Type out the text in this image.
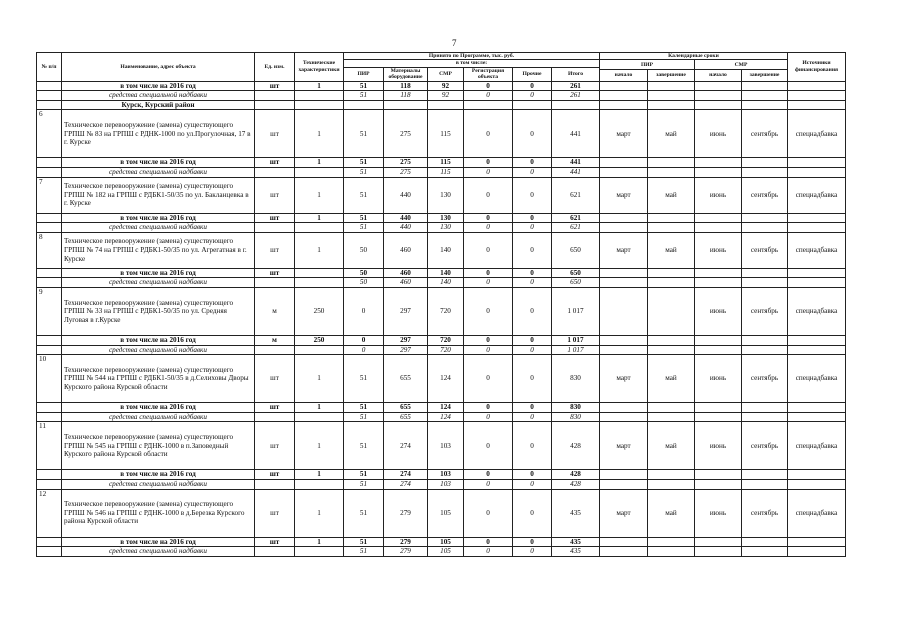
7
№ п/п	Наименование, адрес объекта	Ед. изм.	Технические характеристики	Принято по Программе, тыс. руб.						Календарные сроки				Источники финансирования
				в том числе:						ПИР		СМР		
				ПИР	Материалы оборудование	СМР	Регистрация объекта	Прочие	Итого					
										начало	завершение	начало	завершение	
	в том числе на 2016 год	шт	1	51	118	92	0	0	261					
	средства специальной надбавки			51	118	92	0	0	261					
	Курск, Курский район													
6	Техническое перевооружение (замена) существующего ГРПШ № 83 на ГРПШ с РДНК-1000 по ул.Прогулочная, 17 в г. Курске	шт	1	51	275	115	0	0	441	март	май	июнь	сентябрь	спецнадбавка
	в том числе на 2016 год	шт	1	51	275	115	0	0	441					
	средства специальной надбавки			51	275	115	0	0	441					
7	Техническое перевооружение (замена) существующего ГРПШ № 182 на ГРПШ с РДБК1-50/35 по ул. Бакланцевка в г. Курске	шт	1	51	440	130	0	0	621	март	май	июнь	сентябрь	спецнадбавка
	в том числе на 2016 год	шт	1	51	440	130	0	0	621					
	средства специальной надбавки			51	440	130	0	0	621					
8	Техническое перевооружение (замена) существующего ГРПШ № 74 на ГРПШ с РДБК1-50/35 по ул. Агрегатная в г. Курске	шт	1	50	460	140	0	0	650	март	май	июнь	сентябрь	спецнадбавка
	в том числе на 2016 год	шт		50	460	140	0	0	650					
	средства специальной надбавки			50	460	140	0	0	650					
9	Техническое перевооружение (замена) существующего ГРПШ № 33 на ГРПШ с РДБК1-50/35 по ул. Средняя Луговая в г.Курске	м	250	0	297	720	0	0	1 017			июнь	сентябрь	спецнадбавка
	в том числе на 2016 год	м	250	0	297	720	0	0	1 017					
	средства специальной надбавки			0	297	720	0	0	1 017					
10	Техническое перевооружение (замена) существующего ГРПШ № 544 на ГРПШ с РДБК1-50/35 в д.Селиховы Дворы Курского района Курской области	шт	1	51	655	124	0	0	830	март	май	июнь	сентябрь	спецнадбавка
	в том числе на 2016 год	шт	1	51	655	124	0	0	830					
	средства специальной надбавки			51	655	124	0	0	830					
11	Техническое перевооружение (замена) существующего ГРПШ № 545 на ГРПШ с РДНК-1000 в п.Заповедный Курского района Курской области	шт	1	51	274	103	0	0	428	март	май	июнь	сентябрь	спецнадбавка
	в том числе на 2016 год	шт	1	51	274	103	0	0	428					
	средства специальной надбавки			51	274	103	0	0	428					
12	Техническое перевооружение (замена) существующего ГРПШ № 546 на ГРПШ с РДНК-1000 в д.Березка Курского района Курской области	шт	1	51	279	105	0	0	435	март	май	июнь	сентябрь	спецнадбавка
	в том числе на 2016 год	шт	1	51	279	105	0	0	435					
	средства специальной надбавки			51	279	105	0	0	435					
